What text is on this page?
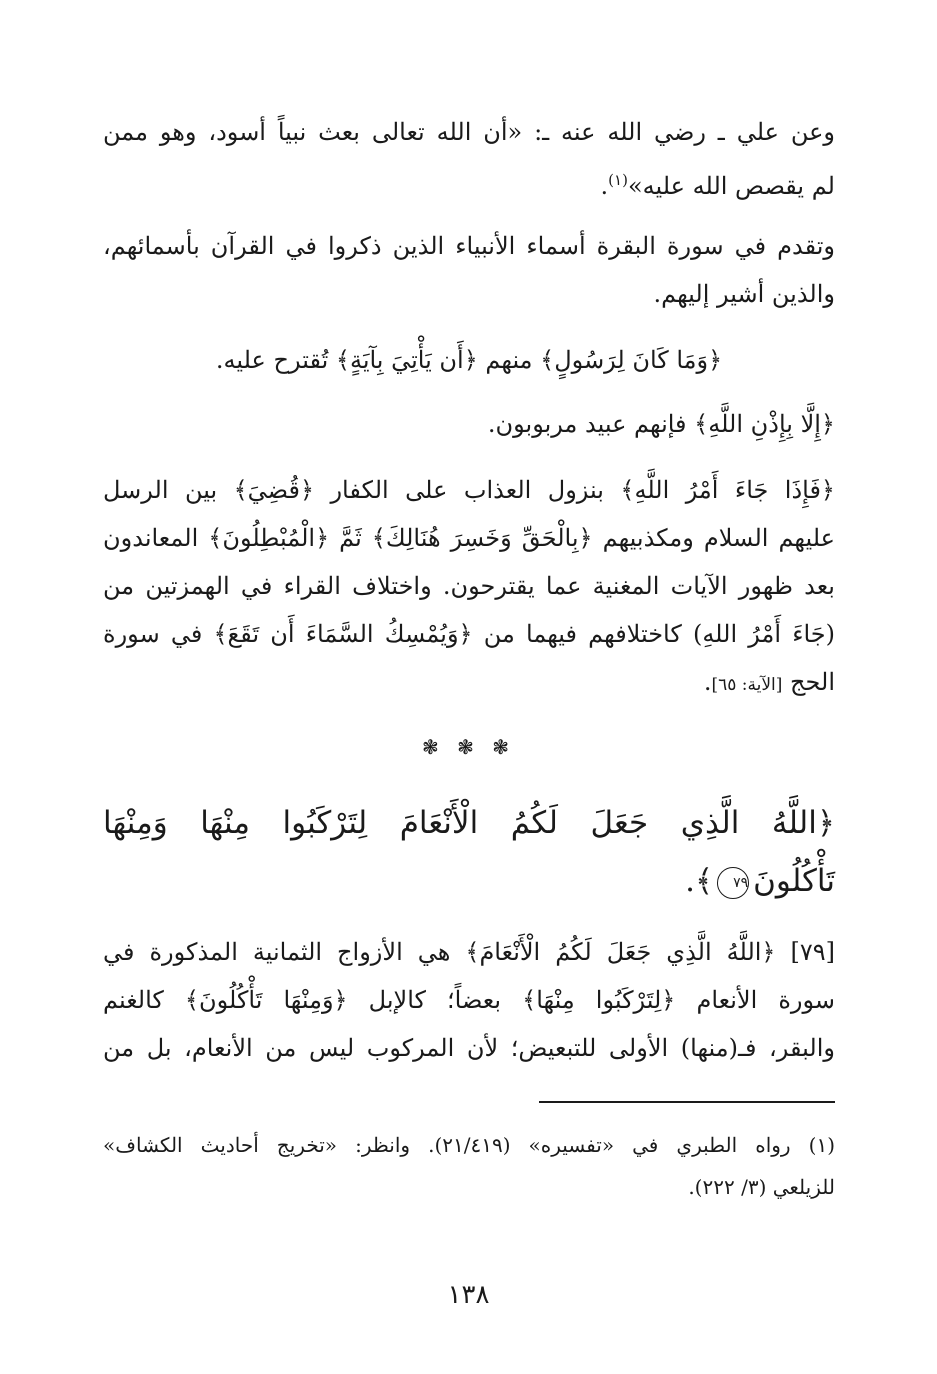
وعن علي ـ رضي الله عنه ـ: «أن الله تعالى بعث نبياً أسود، وهو ممن
لم يقصص الله عليه»$^{(١)}$.
وتقدم في سورة البقرة أسماء الأنبياء الذين ذكروا في القرآن بأسمائهم،
والذين أشير إليهم.
﴿وَمَا كَانَ لِرَسُولٍ﴾ منهم ﴿أَن يَأْتِيَ بِآيَةٍ﴾ تُقترح عليه.
﴿إِلَّا بِإِذْنِ اللَّهِ﴾ فإنهم عبيد مربوبون.
﴿فَإِذَا جَاءَ أَمْرُ اللَّهِ﴾ بنزول العذاب على الكفار ﴿قُضِيَ﴾ بين الرسل
عليهم السلام ومكذبيهم ﴿بِالْحَقِّ وَخَسِرَ هُنَالِكَ﴾ ثَمَّ ﴿الْمُبْطِلُونَ﴾ المعاندون
بعد ظهور الآيات المغنية عما يقترحون. واختلاف القراء في الهمزتين من
(جَاءَ أَمْرُ اللهِ) كاختلافهم فيهما من ﴿وَيُمْسِكُ السَّمَاءَ أَن تَقَعَ﴾ في سورة
الحج [الآية: ٦٥].
❃ ❃ ❃
﴿اللَّهُ الَّذِي جَعَلَ لَكُمُ الْأَنْعَامَ لِتَرْكَبُوا مِنْهَا وَمِنْهَا
تَأْكُلُونَ٧٩﴾.
[٧٩] ﴿اللَّهُ الَّذِي جَعَلَ لَكُمُ الْأَنْعَامَ﴾ هي الأزواج الثمانية المذكورة في
سورة الأنعام ﴿لِتَرْكَبُوا مِنْهَا﴾ بعضاً؛ كالإبل ﴿وَمِنْهَا تَأْكُلُونَ﴾ كالغنم
والبقر، فـ(منها) الأولى للتبعيض؛ لأن المركوب ليس من الأنعام، بل من
(١) رواه الطبري في «تفسيره» (٢١/٤١٩). وانظر: «تخريج أحاديث الكشاف»
للزيلعي (٣/ ٢٢٢).
١٣٨
